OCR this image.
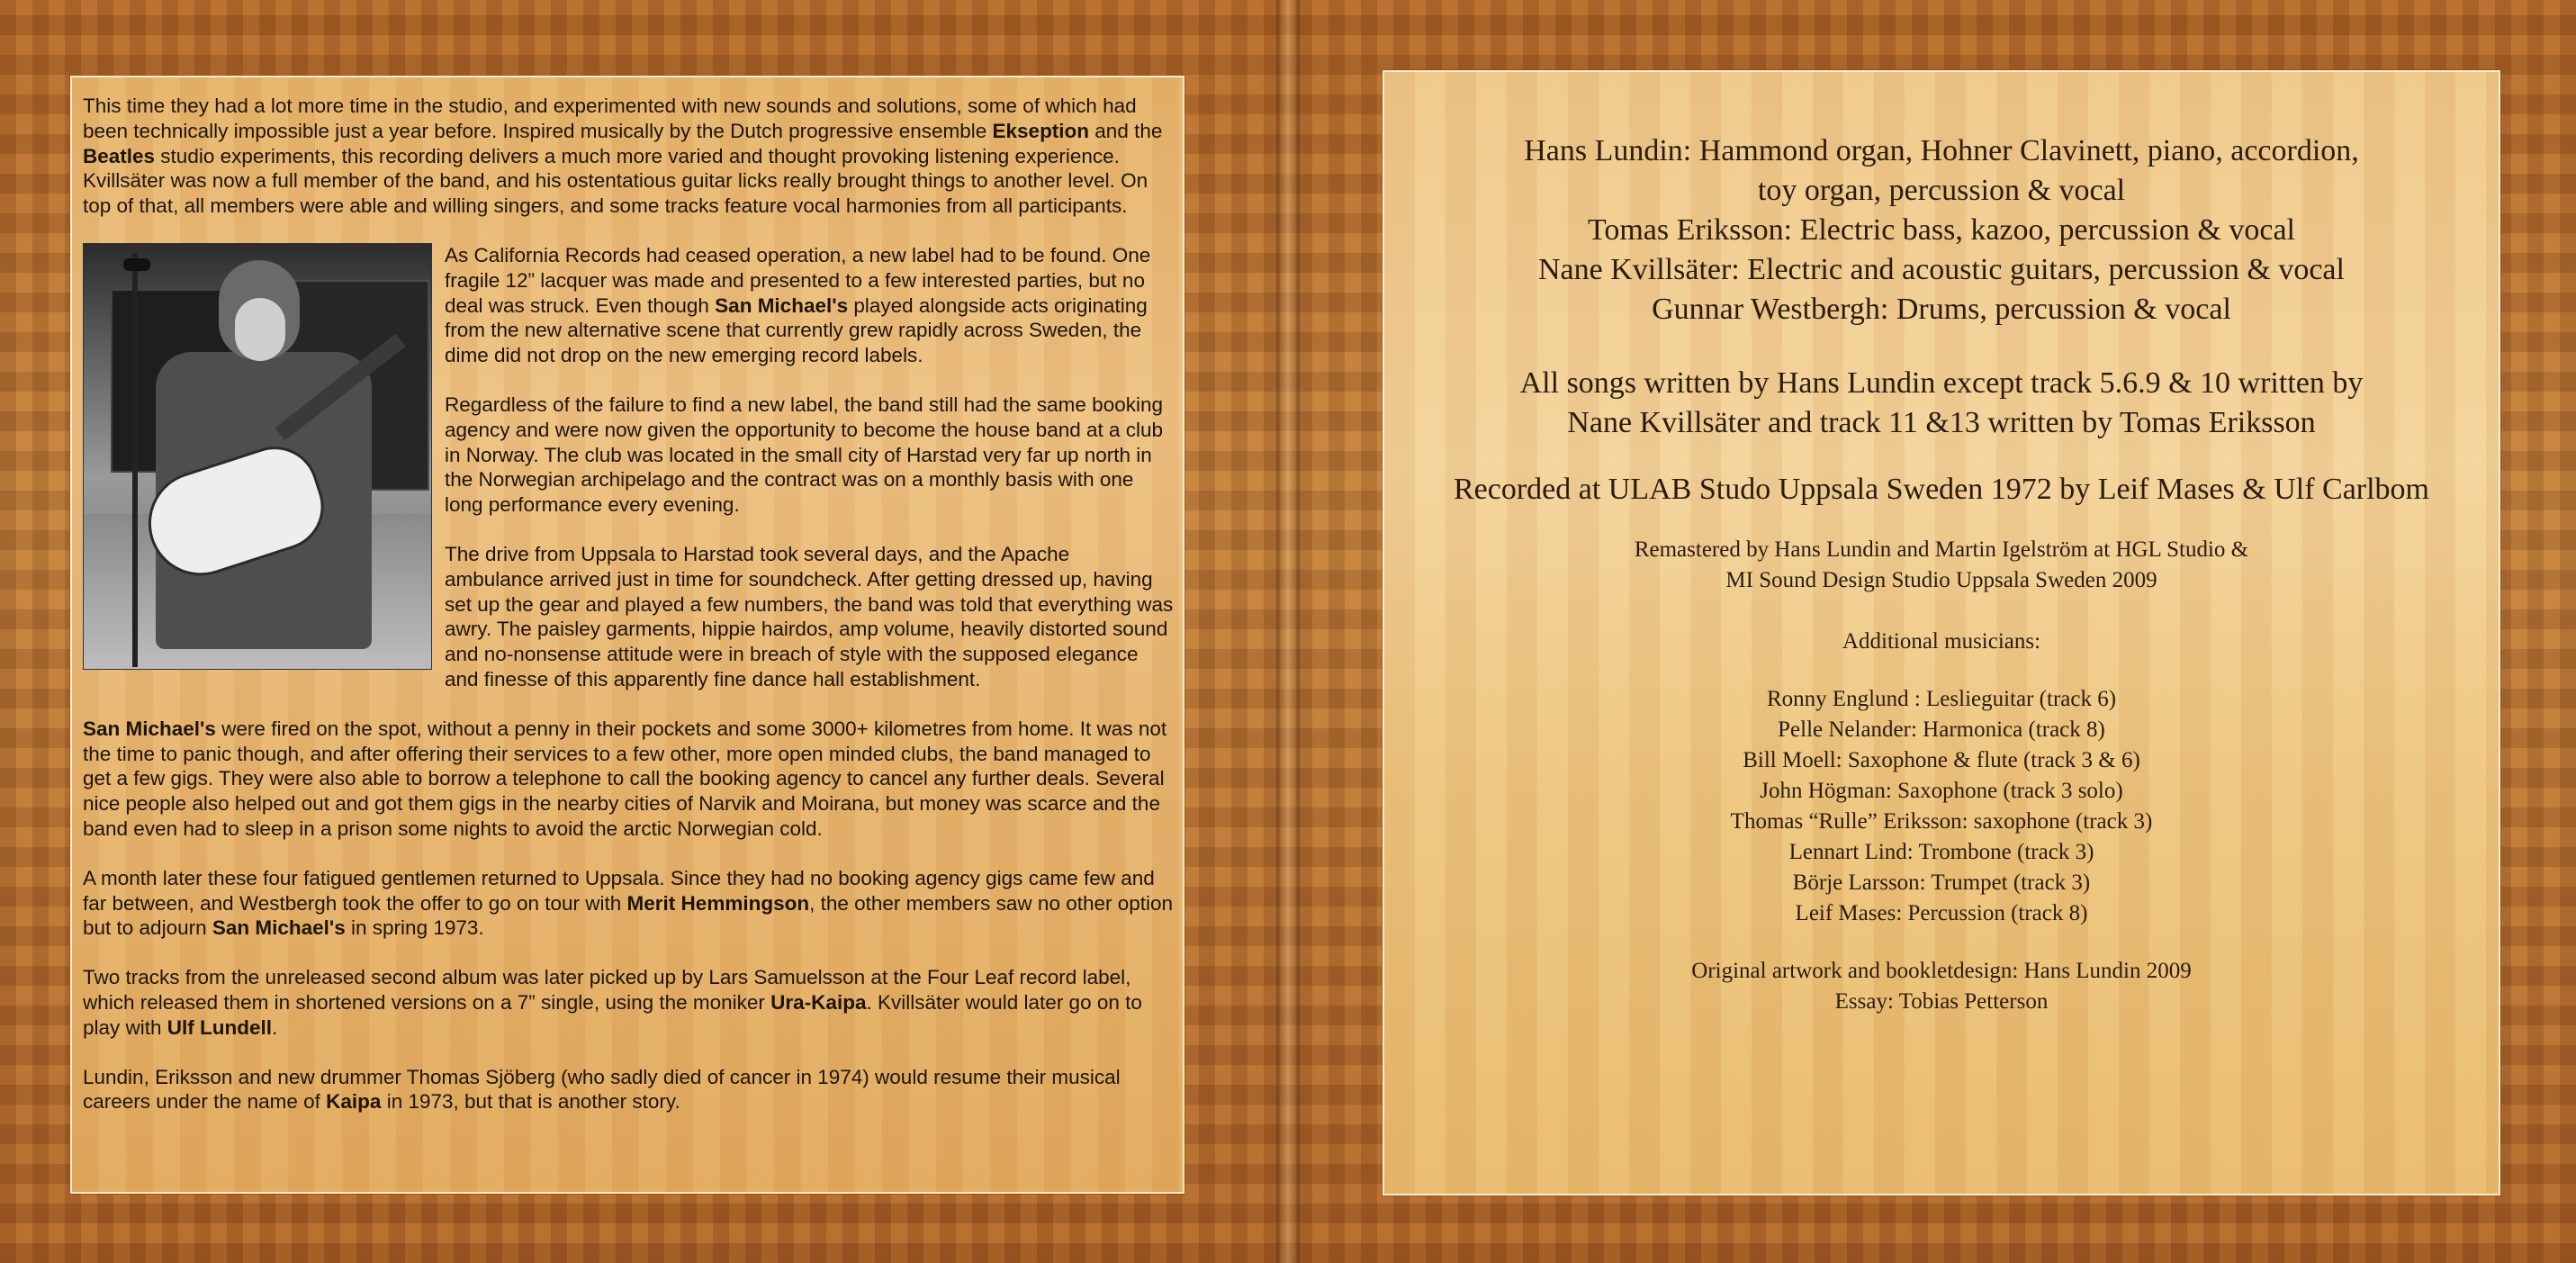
This time they had a lot more time in the studio, and experimented with new sounds and solutions, some of which had been technically impossible just a year before. Inspired musically by the Dutch progressive ensemble Ekseption and the Beatles studio experiments, this recording delivers a much more varied and thought provoking listening experience. Kvillsäter was now a full member of the band, and his ostentatious guitar licks really brought things to another level. On top of that, all members were able and willing singers, and some tracks feature vocal harmonies from all participants.

As California Records had ceased operation, a new label had to be found. One fragile 12” lacquer was made and presented to a few interested parties, but no deal was struck. Even though San Michael's played alongside acts originating from the new alternative scene that currently grew rapidly across Sweden, the dime did not drop on the new emerging record labels.

Regardless of the failure to find a new label, the band still had the same booking agency and were now given the opportunity to become the house band at a club in Norway. The club was located in the small city of Harstad very far up north in the Norwegian archipelago and the contract was on a monthly basis with one long performance every evening.

The drive from Uppsala to Harstad took several days, and the Apache ambulance arrived just in time for soundcheck. After getting dressed up, having set up the gear and played a few numbers, the band was told that everything was awry. The paisley garments, hippie hairdos, amp volume, heavily distorted sound and no-nonsense attitude were in breach of style with the supposed elegance and finesse of this apparently fine dance hall establishment.

San Michael's were fired on the spot, without a penny in their pockets and some 3000+ kilometres from home. It was not the time to panic though, and after offering their services to a few other, more open minded clubs, the band managed to get a few gigs. They were also able to borrow a telephone to call the booking agency to cancel any further deals. Several nice people also helped out and got them gigs in the nearby cities of Narvik and Moirana, but money was scarce and the band even had to sleep in a prison some nights to avoid the arctic Norwegian cold.

A month later these four fatigued gentlemen returned to Uppsala. Since they had no booking agency gigs came few and far between, and Westbergh took the offer to go on tour with Merit Hemmingson, the other members saw no other option but to adjourn San Michael's in spring 1973.

Two tracks from the unreleased second album was later picked up by Lars Samuelsson at the Four Leaf record label, which released them in shortened versions on a 7” single, using the moniker Ura-Kaipa. Kvillsäter would later go on to play with Ulf Lundell.

Lundin, Eriksson and new drummer Thomas Sjöberg (who sadly died of cancer in 1974) would resume their musical careers under the name of Kaipa in 1973, but that is another story.

Hans Lundin: Hammond organ, Hohner Clavinett, piano, accordion,
toy organ, percussion & vocal
Tomas Eriksson: Electric bass, kazoo, percussion & vocal
Nane Kvillsäter: Electric and acoustic guitars, percussion & vocal
Gunnar Westbergh: Drums, percussion & vocal
All songs written by Hans Lundin except track 5.6.9 & 10 written by
Nane Kvillsäter and track 11 &13 written by Tomas Eriksson
Recorded at ULAB Studo Uppsala Sweden 1972 by Leif Mases & Ulf Carlbom
Remastered by Hans Lundin and Martin Igelström at HGL Studio &
MI Sound Design Studio Uppsala Sweden 2009
Additional musicians:
Ronny Englund : Leslieguitar (track 6)
Pelle Nelander: Harmonica (track 8)
Bill Moell: Saxophone & flute (track 3 & 6)
John Högman: Saxophone (track 3 solo)
Thomas “Rulle” Eriksson: saxophone (track 3)
Lennart Lind: Trombone (track 3)
Börje Larsson: Trumpet (track 3)
Leif Mases: Percussion (track 8)
Original artwork and bookletdesign: Hans Lundin 2009
Essay: Tobias Petterson
